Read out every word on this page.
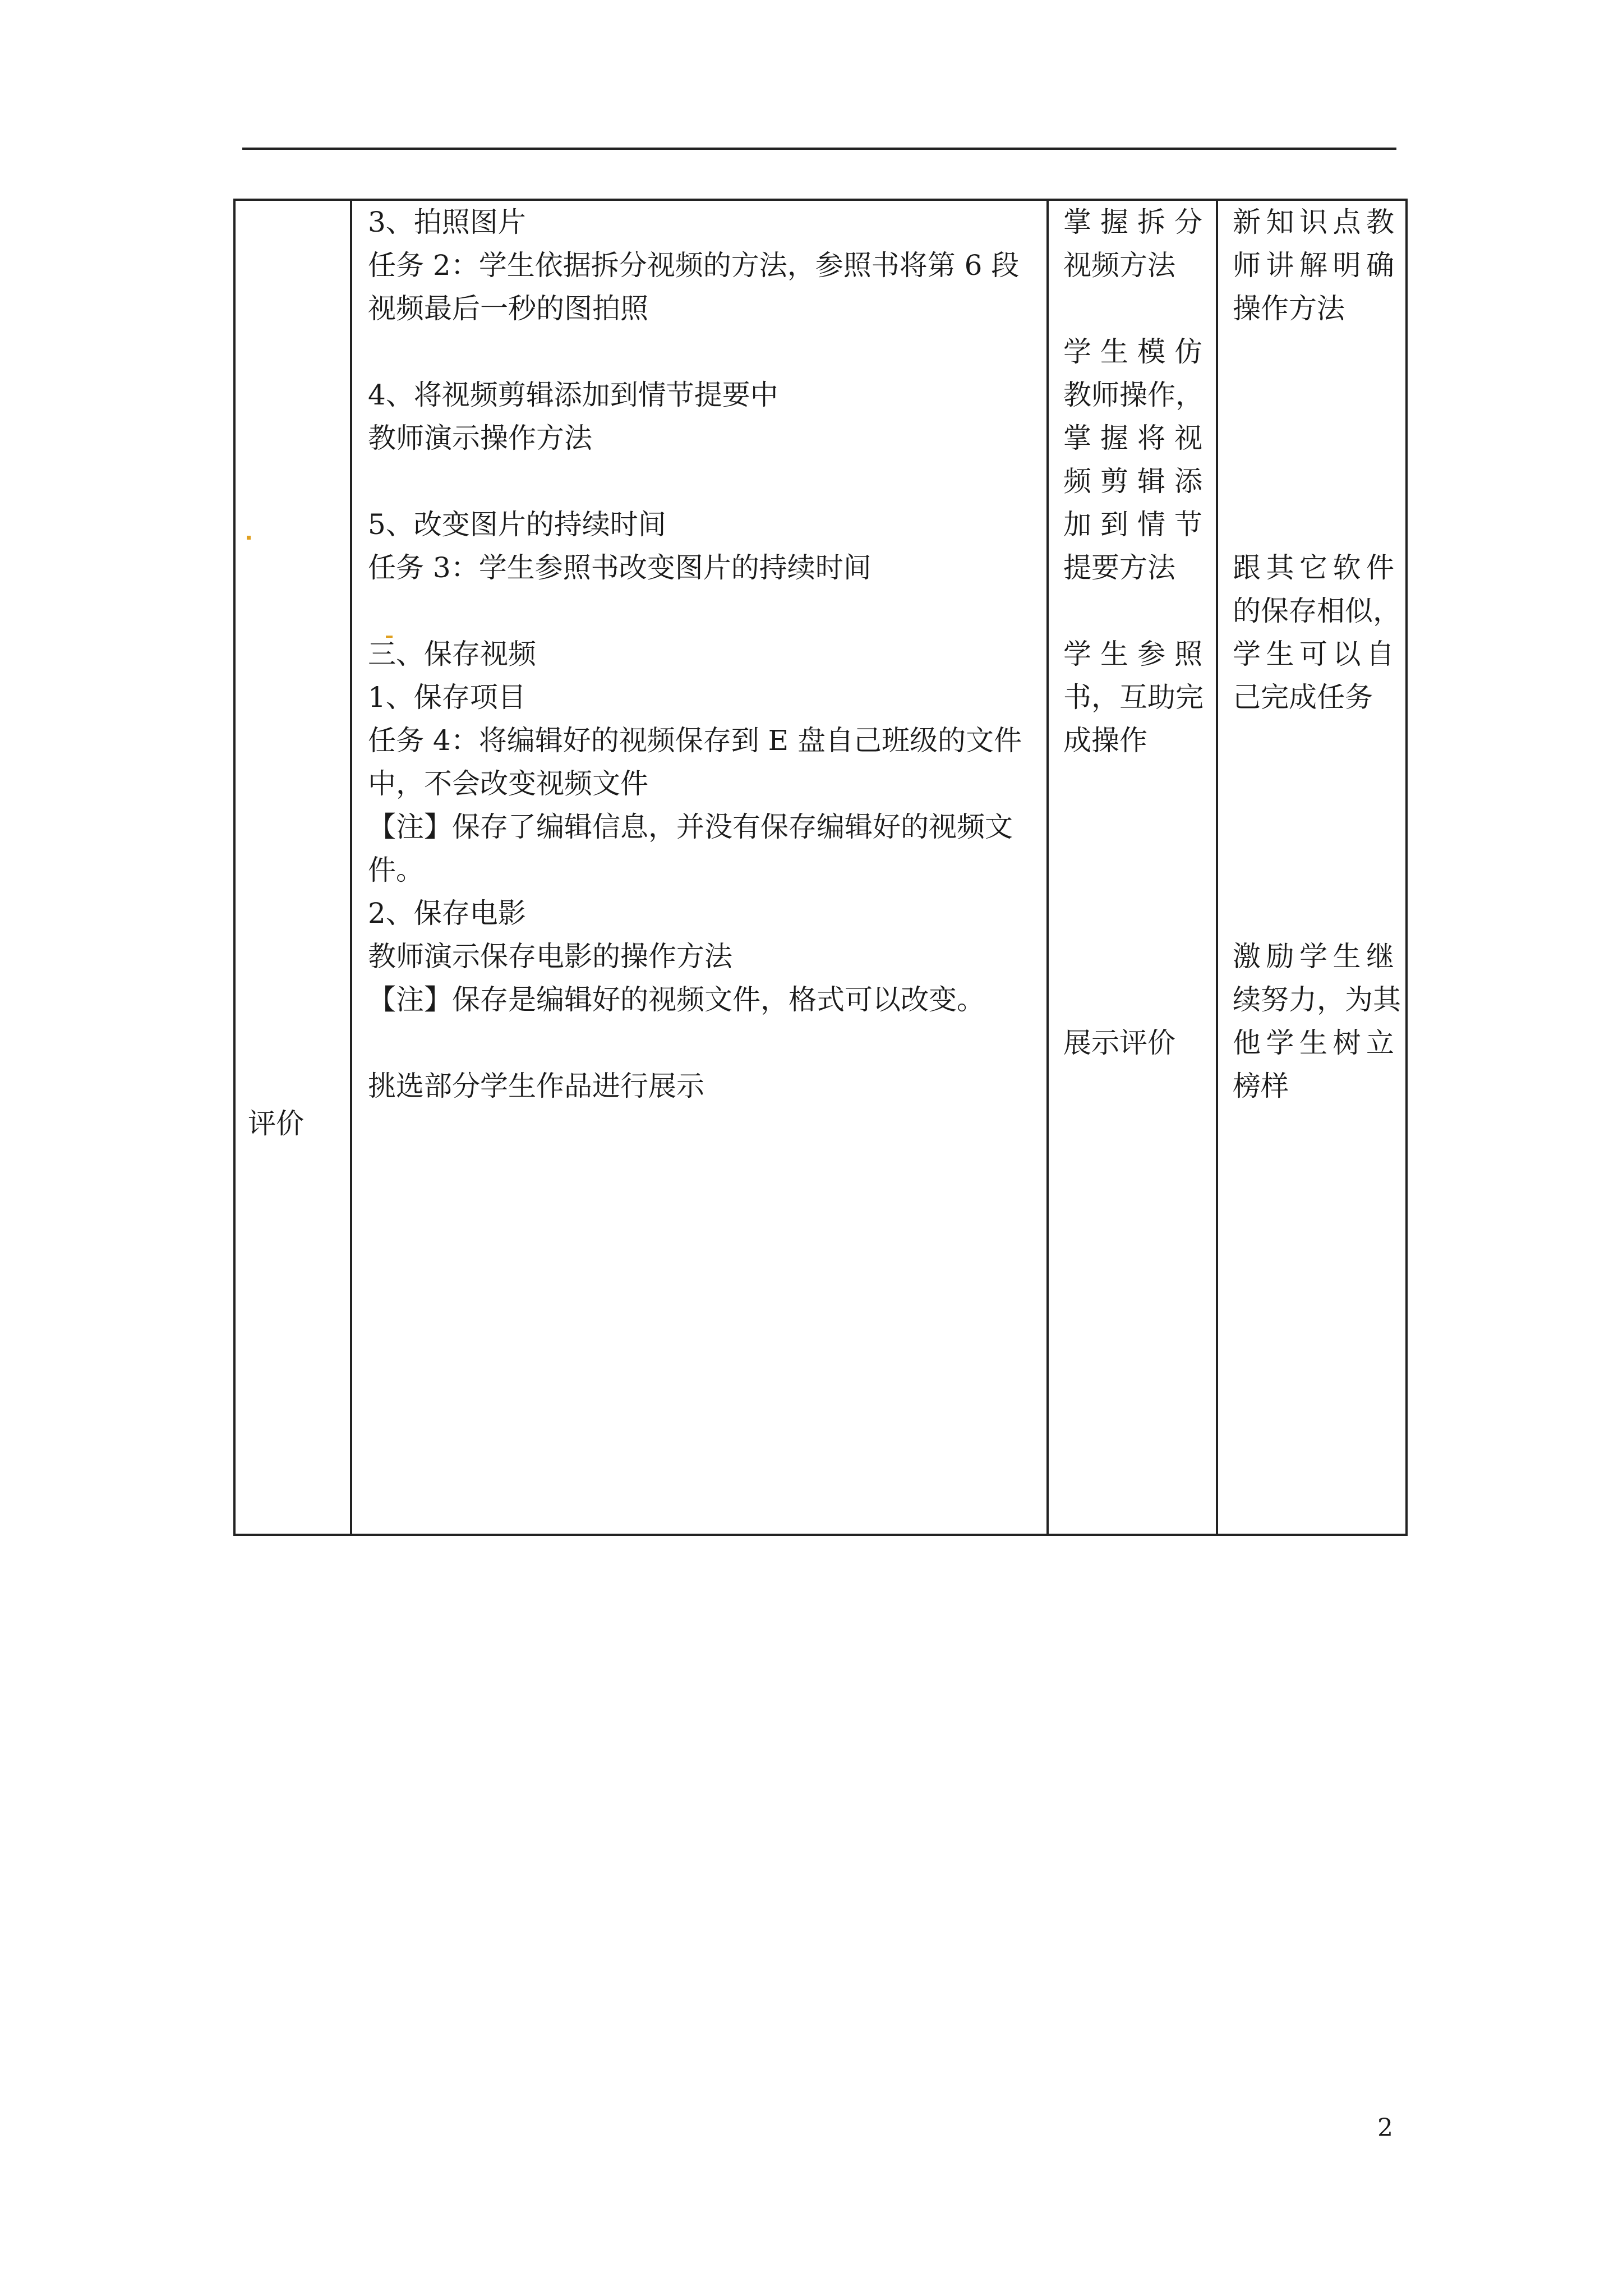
评价
3、拍照图片
任务 2：学生依据拆分视频的方法，参照书将第 6 段
视频最后一秒的图拍照
4、将视频剪辑添加到情节提要中
教师演示操作方法
5、改变图片的持续时间
任务 3：学生参照书改变图片的持续时间
三、保存视频
1、保存项目
任务 4：将编辑好的视频保存到 E 盘自己班级的文件
中，不会改变视频文件
【注】保存了编辑信息，并没有保存编辑好的视频文
件。
2、保存电影
教师演示保存电影的操作方法
【注】保存是编辑好的视频文件，格式可以改变。
挑选部分学生作品进行展示
掌握拆分
视频方法
学生模仿
教师操作，
掌握将视
频剪辑添
加到情节
提要方法
学生参照
书，互助完
成操作
展示评价
新知识点教
师讲解明确
操作方法
跟其它软件
的保存相似，
学生可以自
己完成任务
激励学生继
续努力，为其
他学生树立
榜样
2
